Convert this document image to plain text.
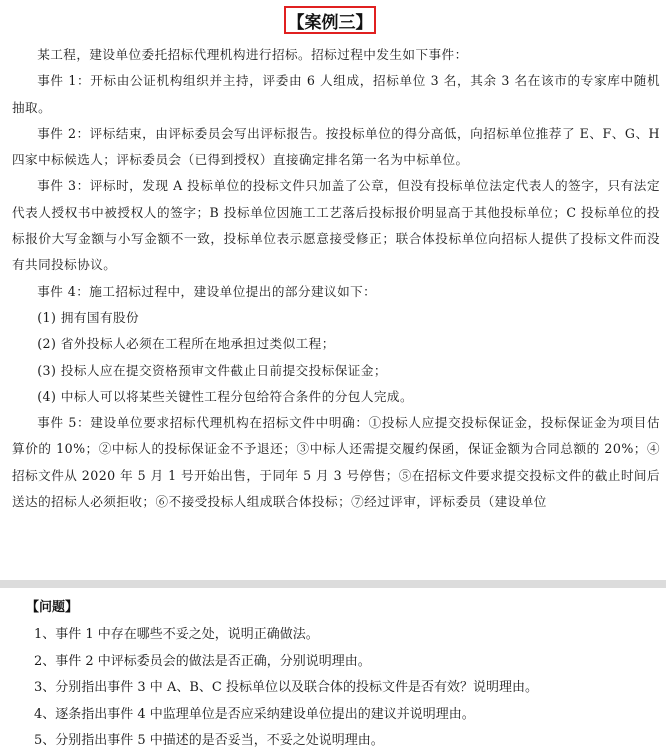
【案例三】

某工程，建设单位委托招标代理机构进行招标。招标过程中发生如下事件：

事件 1：开标由公证机构组织并主持，评委由 6 人组成，招标单位 3 名，其余 3 名在该市的专家库中随机抽取。

事件 2：评标结束，由评标委员会写出评标报告。按投标单位的得分高低，向招标单位推荐了 E、F、G、H 四家中标候选人；评标委员会（已得到授权）直接确定排名第一名为中标单位。

事件 3：评标时，发现 A 投标单位的投标文件只加盖了公章，但没有投标单位法定代表人的签字，只有法定代表人授权书中被授权人的签字；B 投标单位因施工工艺落后投标报价明显高于其他投标单位；C 投标单位的投标报价大写金额与小写金额不一致，投标单位表示愿意接受修正；联合体投标单位向招标人提供了投标文件而没有共同投标协议。

事件 4：施工招标过程中，建设单位提出的部分建议如下：

(1) 拥有国有股份

(2) 省外投标人必须在工程所在地承担过类似工程；

(3) 投标人应在提交资格预审文件截止日前提交投标保证金；

(4) 中标人可以将某些关键性工程分包给符合条件的分包人完成。

事件 5：建设单位要求招标代理机构在招标文件中明确：①投标人应提交投标保证金，投标保证金为项目估算价的 10%；②中标人的投标保证金不予退还；③中标人还需提交履约保函，保证金额为合同总额的 20%；④招标文件从 2020 年 5 月 1 号开始出售，于同年 5 月 3 号停售；⑤在招标文件要求提交投标文件的截止时间后送达的招标人必须拒收；⑥不接受投标人组成联合体投标；⑦经过评审，评标委员（建设单位

【问题】

1、事件 1 中存在哪些不妥之处，说明正确做法。

2、事件 2 中评标委员会的做法是否正确，分别说明理由。

3、分别指出事件 3 中 A、B、C 投标单位以及联合体的投标文件是否有效？说明理由。

4、逐条指出事件 4 中监理单位是否应采纳建设单位提出的建议并说明理由。

5、分别指出事件 5 中描述的是否妥当，不妥之处说明理由。
